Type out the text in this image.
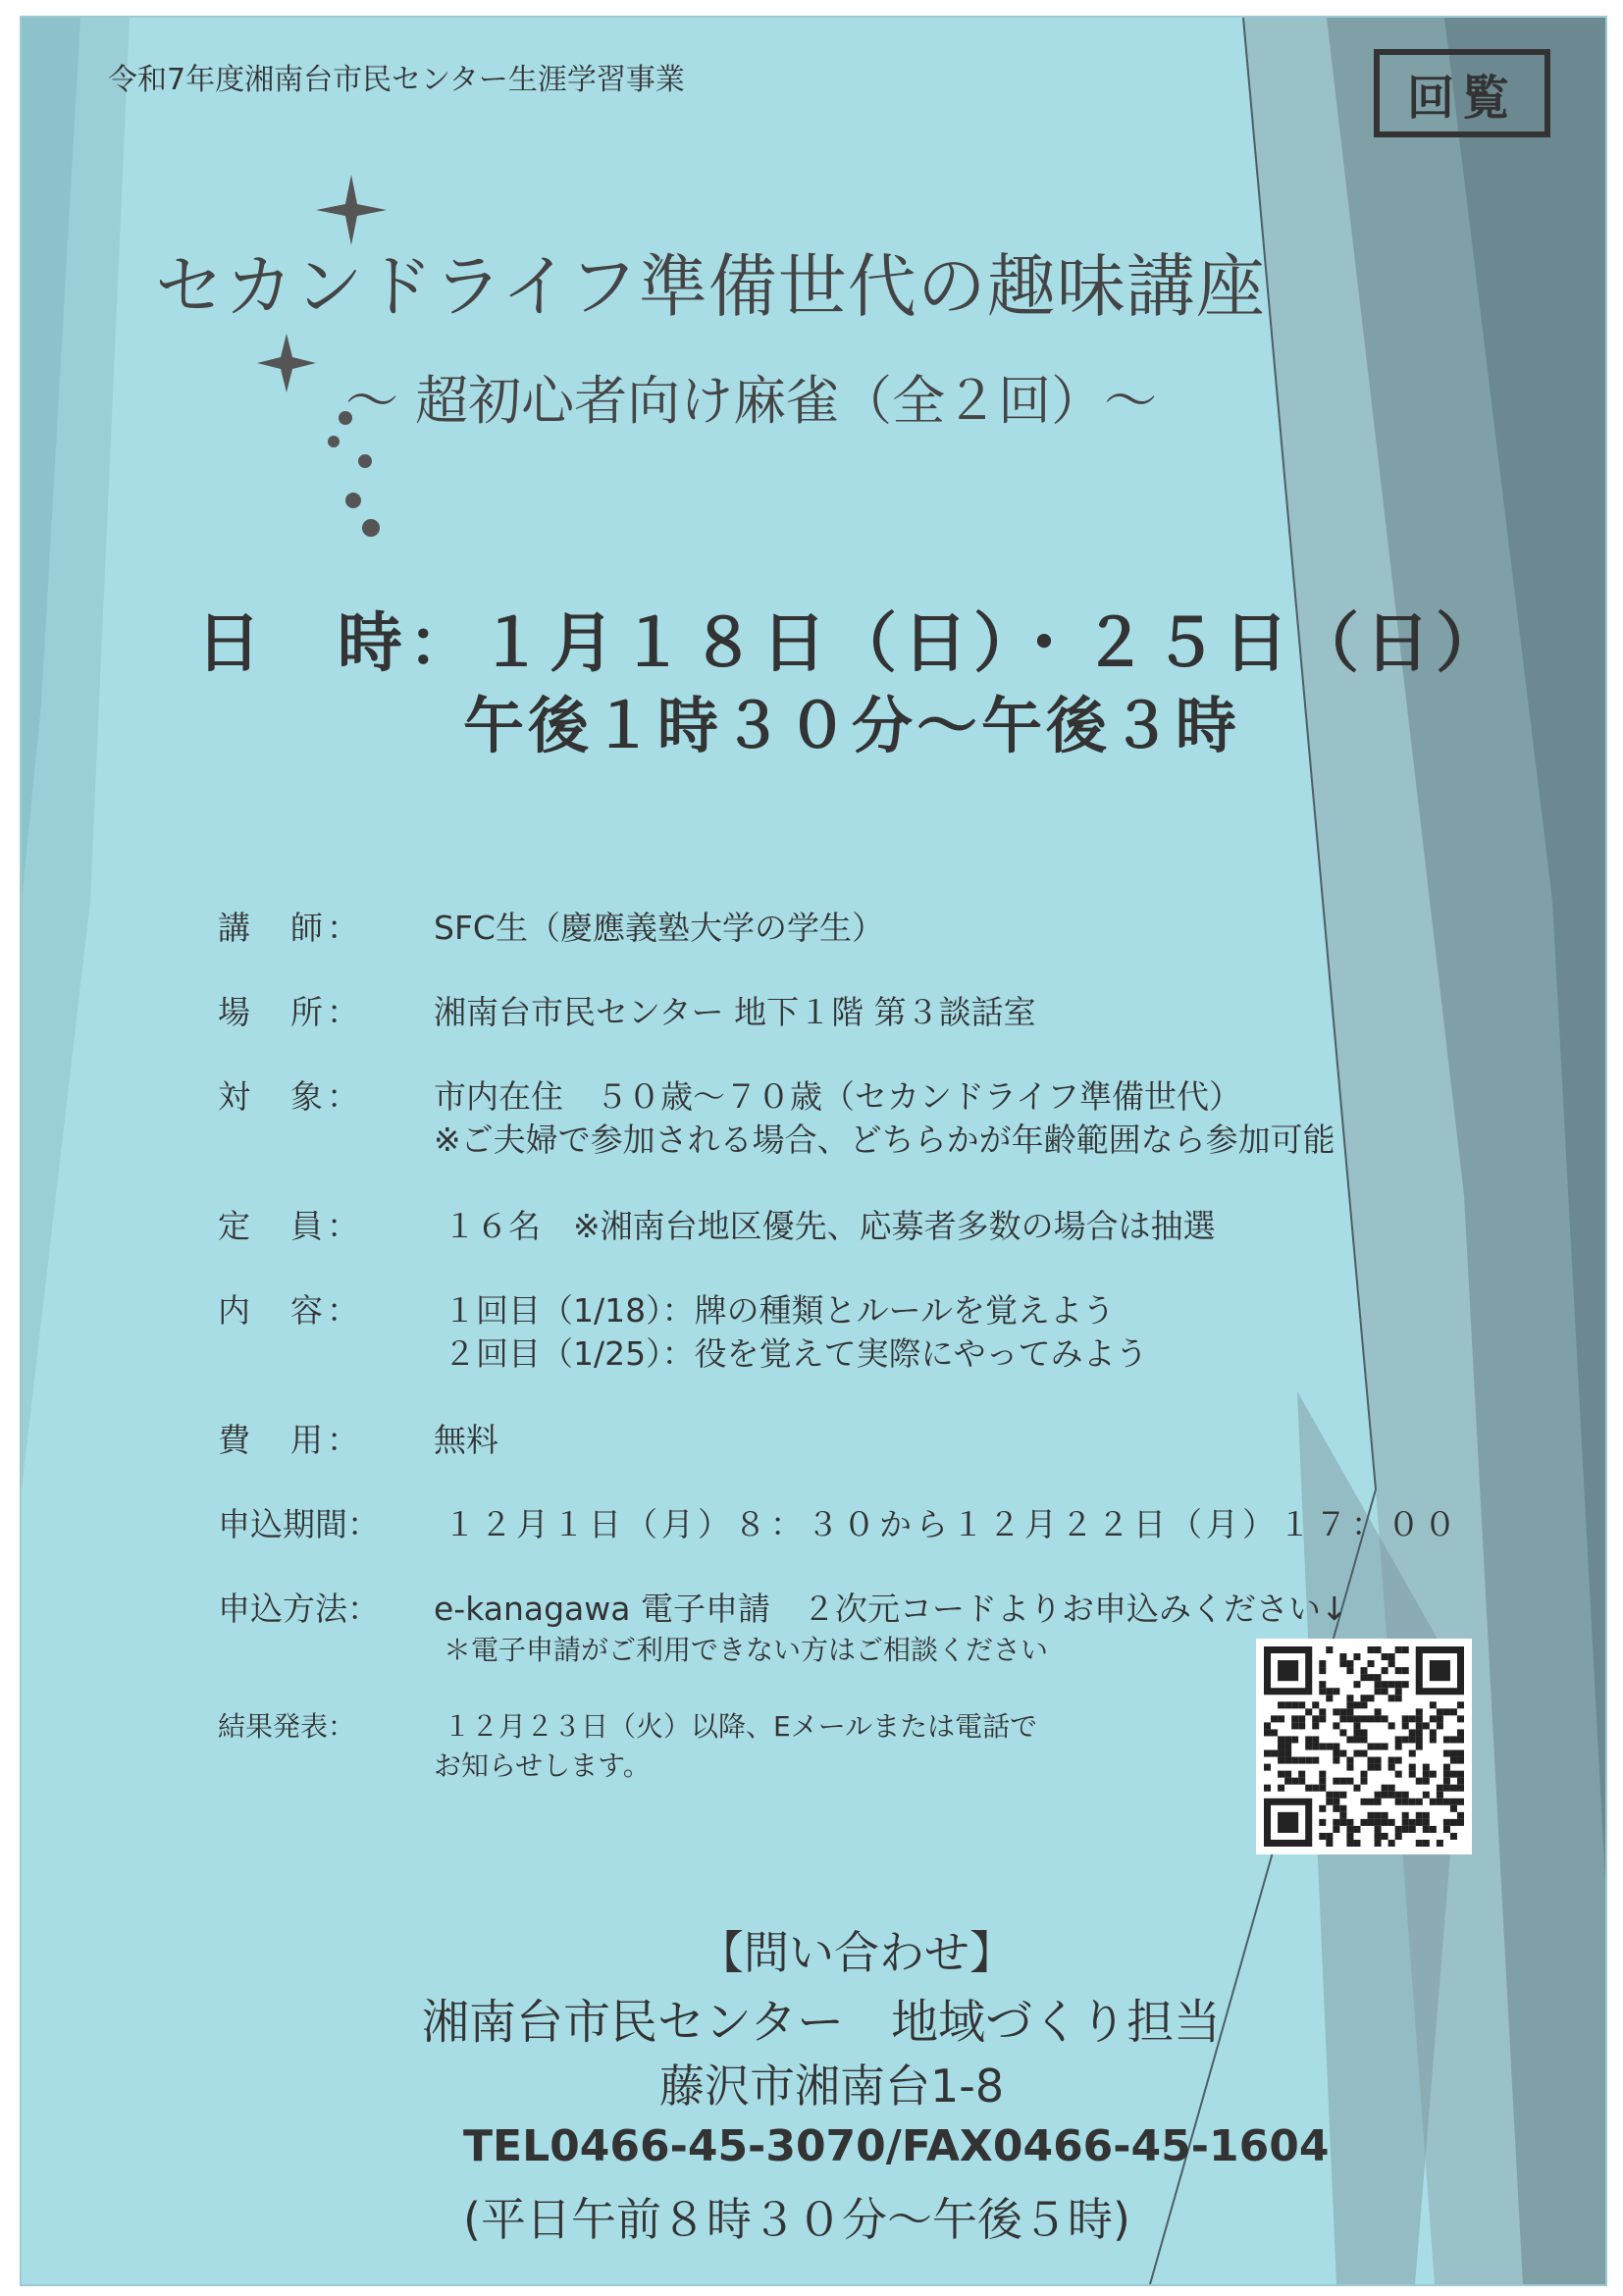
令和7年度湘南台市民センター生涯学習事業	回覧
セカンドライフ準備世代の趣味講座
～ 超初心者向け麻雀（全２回）～
日　時：１月１８日（日）・２５日（日）
午後１時３０分～午後３時
講　師： SFC生（慶應義塾大学の学生）
場　所： 湘南台市民センター 地下１階 第３談話室
対　象： 市内在住　５０歳～７０歳（セカンドライフ準備世代）
※ご夫婦で参加される場合、どちらかが年齢範囲なら参加可能
定　員： １６名　※湘南台地区優先、応募者多数の場合は抽選
内　容： １回目（1/18）：牌の種類とルールを覚えよう
２回目（1/25）：役を覚えて実際にやってみよう
費　用： 無料
申込期間： １２月１日（月）８：３０から１２月２２日（月）１７：００
申込方法： e-kanagawa 電子申請　２次元コードよりお申込みください↓
＊電子申請がご利用できない方はご相談ください
結果発表：	１２月２３日（火）以降、Eメールまたは電話で
お知らせします。
【問い合わせ】
湘南台市民センター　地域づくり担当
藤沢市湘南台1-8
TEL0466-45-3070/FAX0466-45-1604
(平日午前８時３０分～午後５時)
